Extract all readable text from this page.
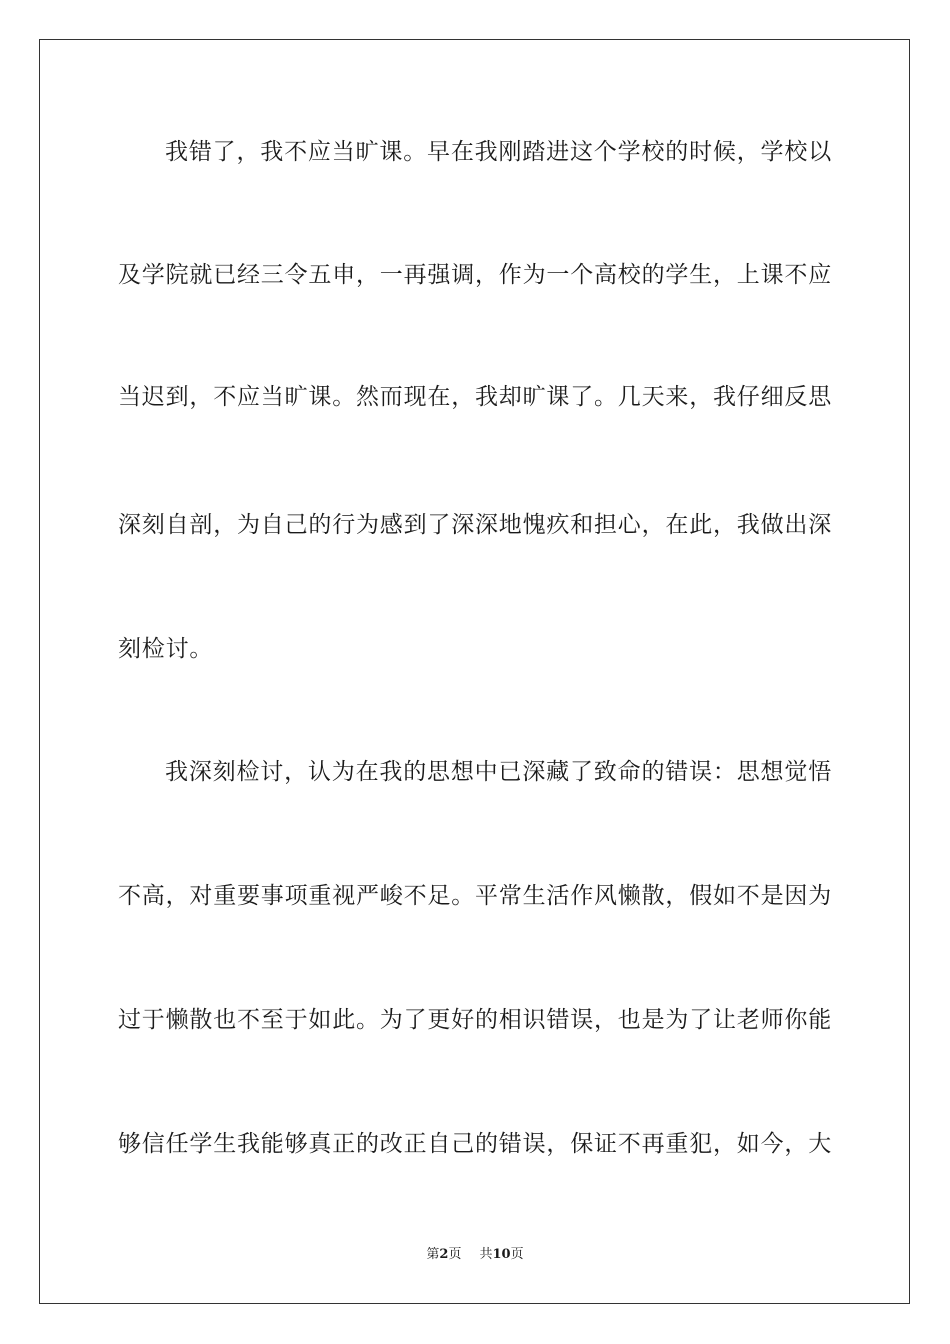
我错了，我不应当旷课。早在我刚踏进这个学校的时候，学校以
及学院就已经三令五申，一再强调，作为一个高校的学生，上课不应
当迟到，不应当旷课。然而现在，我却旷课了。几天来，我仔细反思
深刻自剖，为自己的行为感到了深深地愧疚和担心，在此，我做出深
刻检讨。
我深刻检讨，认为在我的思想中已深藏了致命的错误：思想觉悟
不高，对重要事项重视严峻不足。平常生活作风懒散，假如不是因为
过于懒散也不至于如此。为了更好的相识错误，也是为了让老师你能
够信任学生我能够真正的改正自己的错误，保证不再重犯，如今，大
第2页 共10页
